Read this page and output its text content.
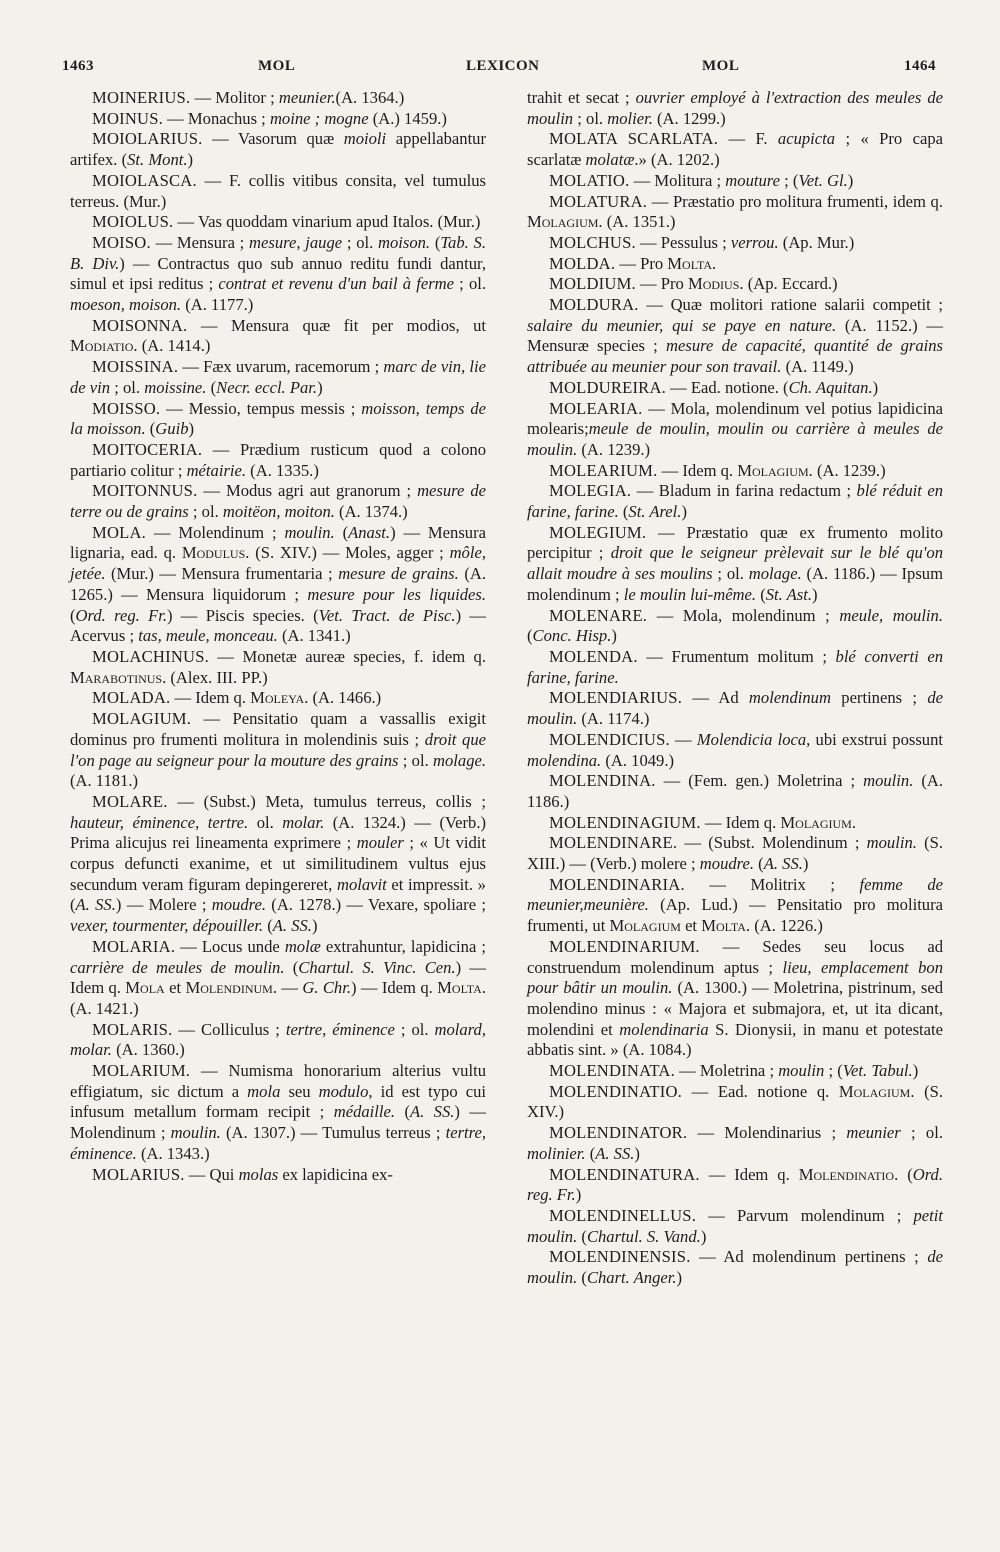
1463	MOL	LEXICON	MOL	1464
MOINERIUS. — Molitor ; meunier.(A. 1364.)
MOINUS. — Monachus ; moine ; mogne (A.) 1459.)
MOIOLARIUS. — Vasorum quæ moioli appellabantur artifex. (St. Mont.)
MOIOLASCA. — F. collis vitibus consita, vel tumulus terreus. (Mur.)
MOIOLUS. — Vas quoddam vinarium apud Italos. (Mur.)
MOISO. — Mensura ; mesure, jauge ; ol. moison. (Tab. S. B. Div.) — Contractus quo sub annuo reditu fundi dantur, simul et ipsi reditus ; contrat et revenu d'un bail à ferme ; ol. moeson, moison. (A. 1177.)
MOISONNA. — Mensura quæ fit per modios, ut Modiatio. (A. 1414.)
MOISSINA. — Fæx uvarum, racemorum ; marc de vin, lie de vin ; ol. moissine. (Necr. eccl. Par.)
MOISSO. — Messio, tempus messis ; moisson, temps de la moisson. (Guib)
MOITOCERIA. — Prædium rusticum quod a colono partiario colitur ; métairie. (A. 1335.)
MOITONNUS. — Modus agri aut granorum ; mesure de terre ou de grains ; ol. moitëon, moiton. (A. 1374.)
MOLA. — Molendinum ; moulin. (Anast.) — Mensura lignaria, ead. q. Modulus. (S. XIV.) — Moles, agger ; môle, jetée. (Mur.) — Mensura frumentaria ; mesure de grains. (A. 1265.) — Mensura liquidorum ; mesure pour les liquides. (Ord. reg. Fr.) — Piscis species. (Vet. Tract. de Pisc.) — Acervus ; tas, meule, monceau. (A. 1341.)
MOLACHINUS. — Monetæ aureæ species, f. idem q. Marabotinus. (Alex. III. PP.)
MOLADA. — Idem q. Moleya. (A. 1466.)
MOLAGIUM. — Pensitatio quam a vassallis exigit dominus pro frumenti molitura in molendinis suis ; droit que l'on page au seigneur pour la mouture des grains ; ol. molage. (A. 1181.)
MOLARE. — (Subst.) Meta, tumulus terreus, collis ; hauteur, éminence, tertre. ol. molar. (A. 1324.) — (Verb.) Prima alicujus rei lineamenta exprimere ; mouler ; « Ut vidit corpus defuncti exanime, et ut similitudinem vultus ejus secundum veram figuram depingereret, molavit et impressit. » (A. SS.) — Molere ; moudre. (A. 1278.) — Vexare, spoliare ; vexer, tourmenter, dépouiller. (A. SS.)
MOLARIA. — Locus unde molæ extrahuntur, lapidicina ; carrière de meules de moulin. (Chartul. S. Vinc. Cen.) — Idem q. Mola et Molendinum. — G. Chr.) — Idem q. Molta. (A. 1421.)
MOLARIS. — Colliculus ; tertre, éminence ; ol. molard, molar. (A. 1360.)
MOLARIUM. — Numisma honorarium alterius vultu effigiatum, sic dictum a mola seu modulo, id est typo cui infusum metallum formam recipit ; médaille. (A. SS.) — Molendinum ; moulin. (A. 1307.) — Tumulus terreus ; tertre, éminence. (A. 1343.)
MOLARIUS. — Qui molas ex lapidicina ex-
trahit et secat ; ouvrier employé à l'extraction des meules de moulin ; ol. molier. (A. 1299.)
MOLATA SCARLATA. — F. acupicta ; « Pro capa scarlatæ molatæ.» (A. 1202.)
MOLATIO. — Molitura ; mouture ; (Vet. Gl.)
MOLATURA. — Præstatio pro molitura frumenti, idem q. Molagium. (A. 1351.)
MOLCHUS. — Pessulus ; verrou. (Ap. Mur.)
MOLDA. — Pro Molta.
MOLDIUM. — Pro Modius. (Ap. Eccard.)
MOLDURA. — Quæ molitori ratione salarii competit ; salaire du meunier, qui se paye en nature. (A. 1152.) — Mensuræ species ; mesure de capacité, quantité de grains attribuée au meunier pour son travail. (A. 1149.)
MOLDUREIRA. — Ead. notione. (Ch. Aquitan.)
MOLEARIA. — Mola, molendinum vel potius lapidicina molearis;meule de moulin, moulin ou carrière à meules de moulin. (A. 1239.)
MOLEARIUM. — Idem q. Molagium. (A. 1239.)
MOLEGIA. — Bladum in farina redactum ; blé réduit en farine, farine. (St. Arel.)
MOLEGIUM. — Præstatio quæ ex frumento molito percipitur ; droit que le seigneur prèlevait sur le blé qu'on allait moudre à ses moulins ; ol. molage. (A. 1186.) — Ipsum molendinum ; le moulin lui-même. (St. Ast.)
MOLENARE. — Mola, molendinum ; meule, moulin. (Conc. Hisp.)
MOLENDA. — Frumentum molitum ; blé converti en farine, farine.
MOLENDIARIUS. — Ad molendinum pertinens ; de moulin. (A. 1174.)
MOLENDICIUS. — Molendicia loca, ubi exstrui possunt molendina. (A. 1049.)
MOLENDINA. — (Fem. gen.) Moletrina ; moulin. (A. 1186.)
MOLENDINAGIUM. — Idem q. Molagium.
MOLENDINARE. — (Subst. Molendinum ; moulin. (S. XIII.) — (Verb.) molere ; moudre. (A. SS.)
MOLENDINARIA. — Molitrix ; femme de meunier,meunière. (Ap. Lud.) — Pensitatio pro molitura frumenti, ut Molagium et Molta. (A. 1226.)
MOLENDINARIUM. — Sedes seu locus ad construendum molendinum aptus ; lieu, emplacement bon pour bâtir un moulin. (A. 1300.) — Moletrina, pistrinum, sed molendino minus : « Majora et submajora, et, ut ita dicant, molendini et molendinaria S. Dionysii, in manu et potestate abbatis sint. » (A. 1084.)
MOLENDINATA. — Moletrina ; moulin ; (Vet. Tabul.)
MOLENDINATIO. — Ead. notione q. Molagium. (S. XIV.)
MOLENDINATOR. — Molendinarius ; meunier ; ol. molinier. (A. SS.)
MOLENDINATURA. — Idem q. Molendinatio. (Ord. reg. Fr.)
MOLENDINELLUS. — Parvum molendinum ; petit moulin. (Chartul. S. Vand.)
MOLENDINENSIS. — Ad molendinum pertinens ; de moulin. (Chart. Anger.)
